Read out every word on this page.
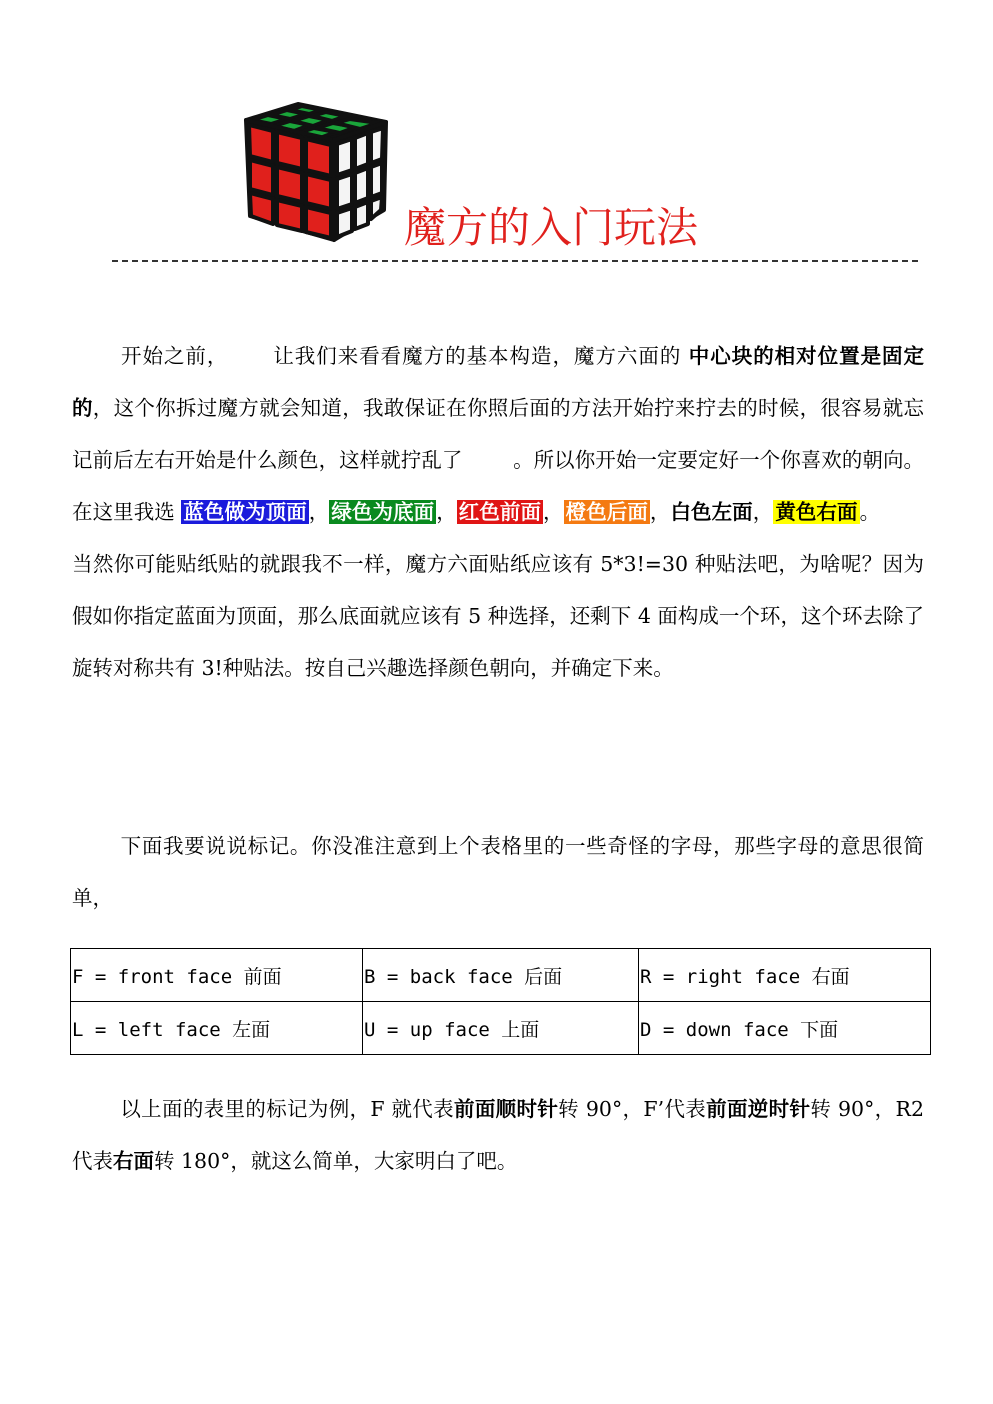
魔方的入门玩法

开始之前， 让我们来看看魔方的基本构造，魔方六面的 中心块的相对位置是固定的，这个你拆过魔方就会知道，我敢保证在你照后面的方法开始拧来拧去的时候，很容易就忘记前后左右开始是什么颜色，这样就拧乱了 。所以你开始一定要定好一个你喜欢的朝向。在这里我选 蓝色做为顶面，绿色为底面，红色前面，橙色后面，白色左面，黄色右面。当然你可能贴纸贴的就跟我不一样，魔方六面贴纸应该有 5*3!=30 种贴法吧，为啥呢？因为假如你指定蓝面为顶面，那么底面就应该有 5 种选择，还剩下 4 面构成一个环，这个环去除了旋转对称共有 3!种贴法。按自己兴趣选择颜色朝向，并确定下来。

下面我要说说标记。你没准注意到上个表格里的一些奇怪的字母，那些字母的意思很简单，

F = front face 前面	B = back face 后面	R = right face 右面
L = left face 左面	U = up face 上面	D = down face 下面

以上面的表里的标记为例，F 就代表前面顺时针转 90°，F’代表前面逆时针转 90°，R2 代表右面转 180°，就这么简单，大家明白了吧。
